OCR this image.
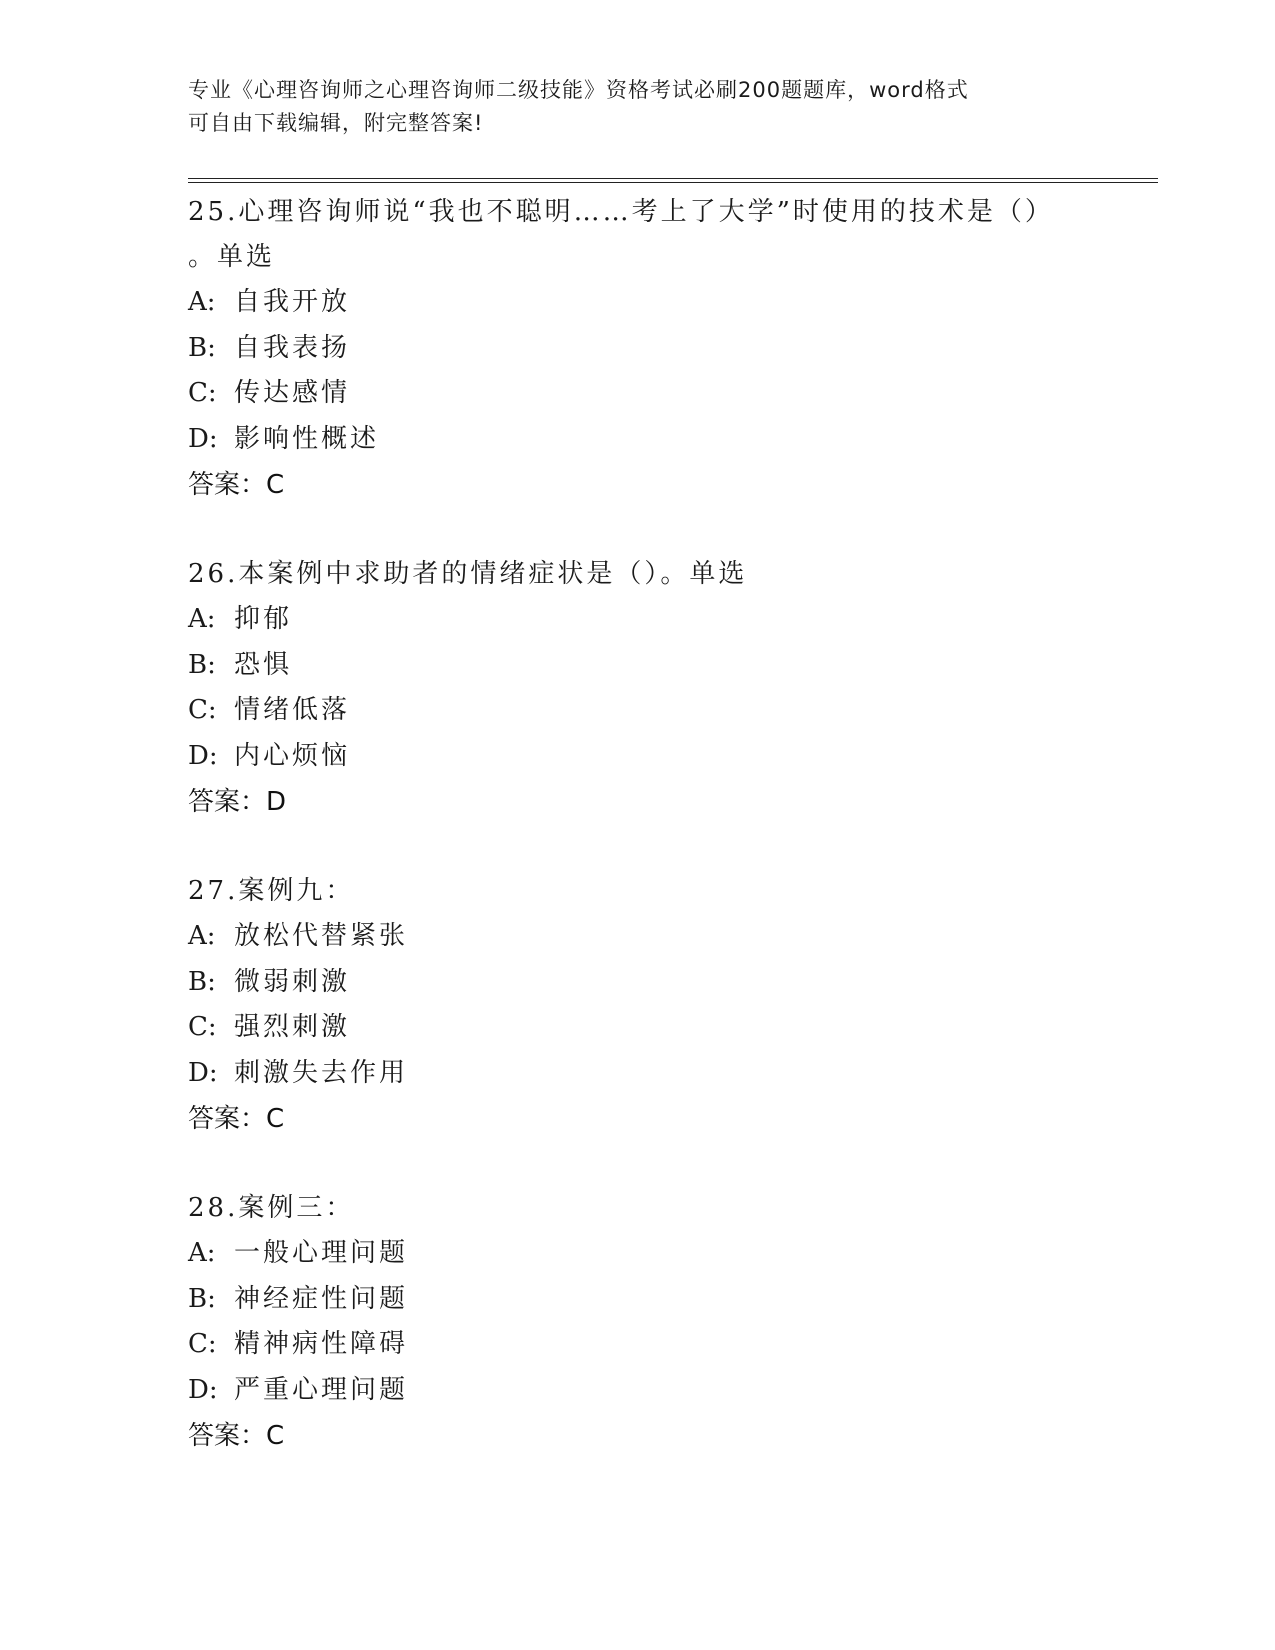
专业《心理咨询师之心理咨询师二级技能》资格考试必刷200题题库，word格式
可自由下载编辑，附完整答案!
25.心理咨询师说“我也不聪明……考上了大学”时使用的技术是（）
。单选
A: 自我开放
B: 自我表扬
C: 传达感情
D: 影响性概述
答案：C
26.本案例中求助者的情绪症状是（）。单选
A: 抑郁
B: 恐惧
C: 情绪低落
D: 内心烦恼
答案：D
27.案例九：
A: 放松代替紧张
B: 微弱刺激
C: 强烈刺激
D: 刺激失去作用
答案：C
28.案例三：
A: 一般心理问题
B: 神经症性问题
C: 精神病性障碍
D: 严重心理问题
答案：C
